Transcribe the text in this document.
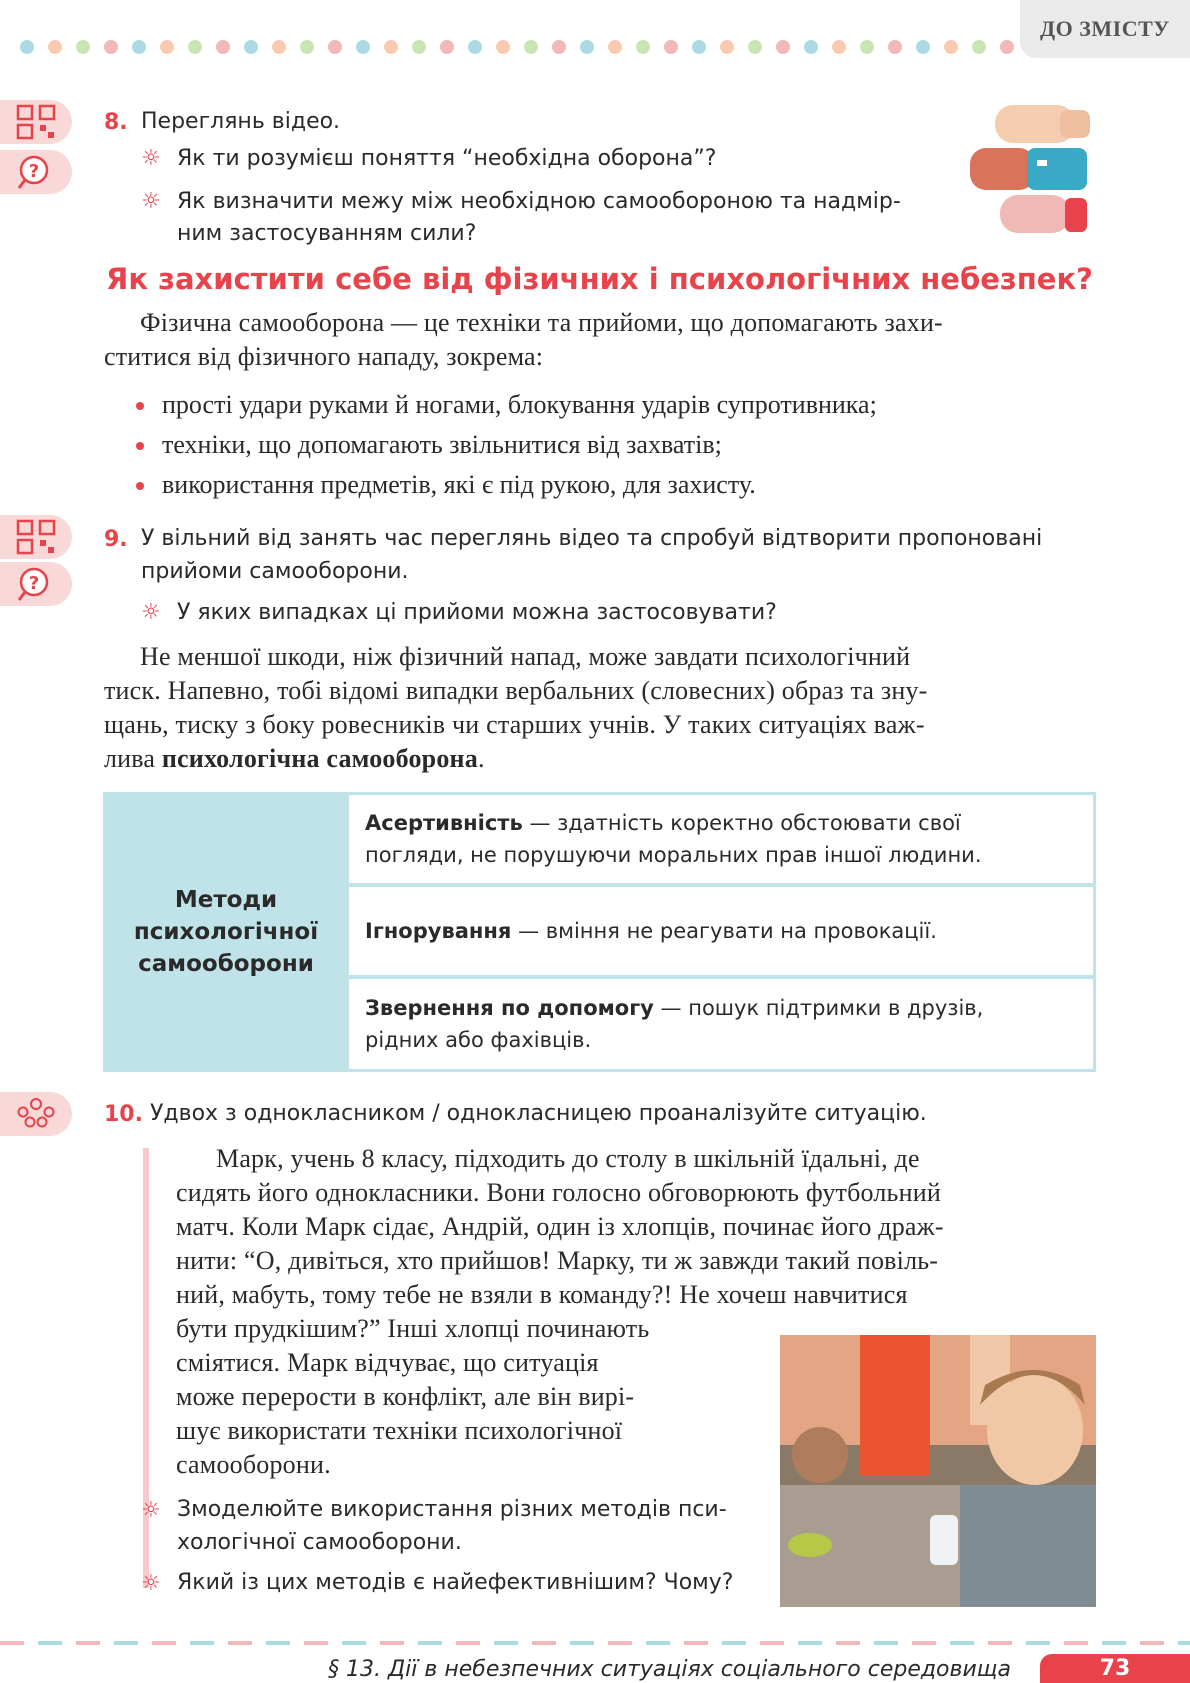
ДО ЗМІСТУ
?
8. Переглянь відео.
☼ Як ти розумієш поняття “необхідна оборона”?
☼ Як визначити межу між необхідною самообороною та надмір-
ним застосуванням сили?
Як захистити себе від фізичних і психологічних небезпек?
Фізична самооборона — це техніки та прийоми, що допомагають захи-
ститися від фізичного нападу, зокрема:
прості удари руками й ногами, блокування ударів супротивника;
техніки, що допомагають звільнитися від захватів;
використання предметів, які є під рукою, для захисту.
?
9. У вільний від занять час переглянь відео та спробуй відтворити пропоновані
прийоми самооборони.
☼ У яких випадках ці прийоми можна застосовувати?
Не меншої шкоди, ніж фізичний напад, може завдати психологічний
тиск. Напевно, тобі відомі випадки вербальних (словесних) образ та зну-
щань, тиску з боку ровесників чи старших учнів. У таких ситуаціях важ-
лива психологічна самооборона.
Методи
психологічної
самооборони
Асертивність — здатність коректно обстоювати свої
погляди, не порушуючи моральних прав іншої людини.
Ігнорування — вміння не реагувати на провокації.
Звернення по допомогу — пошук підтримки в друзів,
рідних або фахівців.
10. Удвох з однокласником / однокласницею проаналізуйте ситуацію.
Марк, учень 8 класу, підходить до столу в шкільній їдальні, де
сидять його однокласники. Вони голосно обговорюють футбольний
матч. Коли Марк сідає, Андрій, один із хлопців, починає його драж-
нити: “О, дивіться, хто прийшов! Марку, ти ж завжди такий повіль-
ний, мабуть, тому тебе не взяли в команду?! Не хочеш навчитися
бути прудкішим?” Інші хлопці починають
сміятися. Марк відчуває, що ситуація
може перерости в конфлікт, але він вирі-
шує використати техніки психологічної
самооборони.
☼ Змоделюйте використання різних методів пси-
хологічної самооборони.
☼ Який із цих методів є найефективнішим? Чому?
§ 13. Дії в небезпечних ситуаціях соціального середовища	73
